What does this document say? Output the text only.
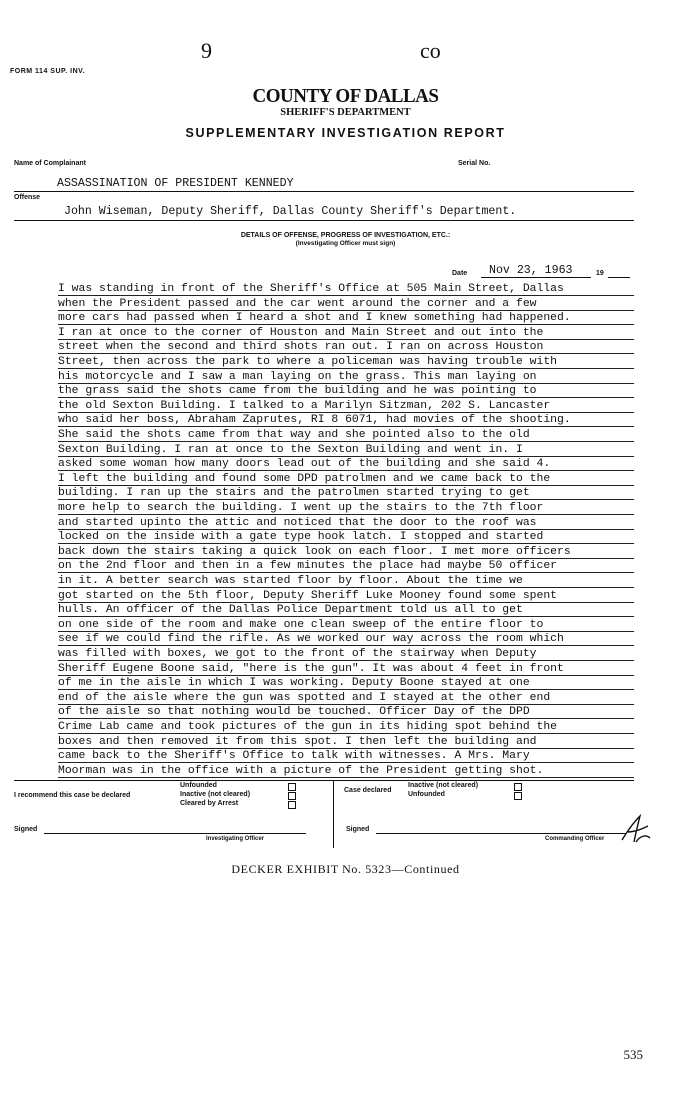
9	co
FORM 114 SUP. INV.
COUNTY OF DALLAS
SHERIFF'S DEPARTMENT
SUPPLEMENTARY INVESTIGATION REPORT
Name of Complainant	Serial No.
ASSASSINATION OF PRESIDENT KENNEDY
Offense
John Wiseman, Deputy Sheriff, Dallas County Sheriff's Department.
DETAILS OF OFFENSE, PROGRESS OF INVESTIGATION, ETC.:
(Investigating Officer must sign)
Date Nov 23, 1963	19
I was standing in front of the Sheriff's Office at 505 Main Street, Dallas
when the President passed and the car went around the corner and a few
more cars had passed when I heard a shot and I knew something had happened.
I ran at once to the corner of Houston and Main Street and out into the
street when the second and third shots ran out. I ran on across Houston
Street, then across the park to where a policeman was having trouble with
his motorcycle and I saw a man laying on the grass. This man laying on
the grass said the shots came from the building and he was pointing to
the old Sexton Building. I talked to a Marilyn Sitzman, 202 S. Lancaster
who said her boss, Abraham Zaprutes, RI 8 6071, had movies of the shooting.
She said the shots came from that way and she pointed also to the old
Sexton Building. I ran at once to the Sexton Building and went in. I
asked some woman how many doors lead out of the building and she said 4.
I left the building and found some DPD patrolmen and we came back to the
building. I ran up the stairs and the patrolmen started trying to get
more help to search the building. I went up the stairs to the 7th floor
and started upinto the attic and noticed that the door to the roof was
locked on the inside with a gate type hook latch. I stopped and started
back down the stairs taking a quick look on each floor. I met more officers
on the 2nd floor and then in a few minutes the place had maybe 50 officer
in it. A better search was started floor by floor. About the time we
got started on the 5th floor, Deputy Sheriff Luke Mooney found some spent
hulls. An officer of the Dallas Police Department told us all to get
on one side of the room and make one clean sweep of the entire floor to
see if we could find the rifle. As we worked our way across the room which
was filled with boxes, we got to the front of the stairway when Deputy
Sheriff Eugene Boone said, "here is the gun". It was about 4 feet in front
of me in the aisle in which I was working. Deputy Boone stayed at one
end of the aisle where the gun was spotted and I stayed at the other end
of the aisle so that nothing would be touched. Officer Day of the DPD
Crime Lab came and took pictures of the gun in its hiding spot behind the
boxes and then removed it from this spot. I then left the building and
came back to the Sheriff's Office to talk with witnesses. A Mrs. Mary
Moorman was in the office with a picture of the President getting shot.
I recommend this case be declared
Unfounded
Inactive (not cleared)
Cleared by Arrest
Case declared
Inactive (not cleared)
Unfounded
Signed
Investigating Officer
Signed
Commanding Officer
DECKER EXHIBIT No. 5323—Continued
535
